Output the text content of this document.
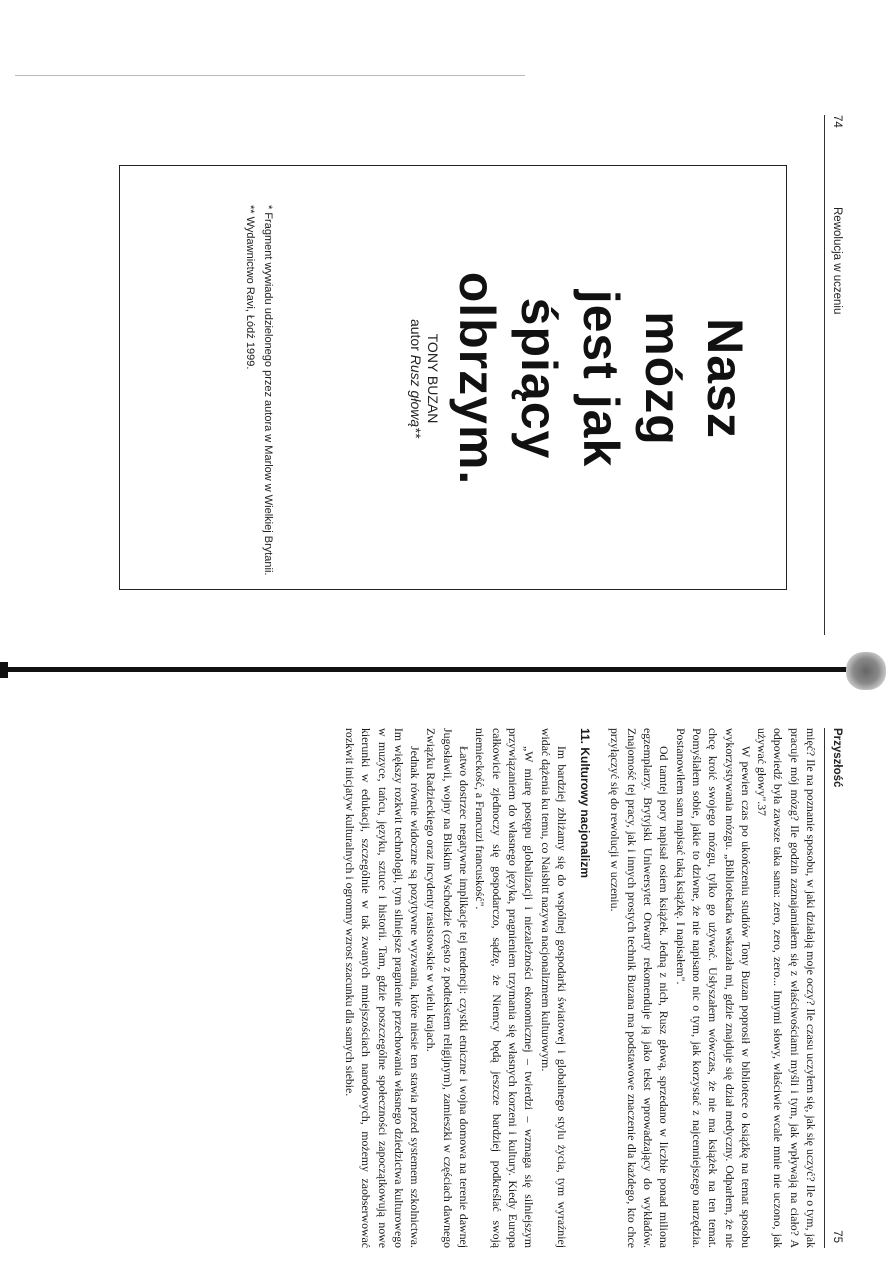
74
Rewolucja w uczeniu
Nasz
mózg
jest jak
śpiący
olbrzym.
TONY BUZAN
autor Rusz głową**
* Fragment wywiadu udzielonego przez autora w Marlow w Wielkiej Brytanii.
** Wydawnictwo Ravi, Łódź 1999.
Przyszłość
75

mięć? Ile na poznanie sposobu, w jaki działają moje oczy? Ile czasu uczyłem się, jak się uczyć? Ile o tym, jak pracuje mój mózg? Ile godzin zaznajamiałem się z właściwościami myśli i tym, jak wpływają na ciało? A odpowiedź była zawsze taka sama: zero, zero, zero... Innymi słowy, właściwie wcale mnie nie uczono, jak używać głowy".37

W pewien czas po ukończeniu studiów Tony Buzan poprosił w bibliotece o książkę na temat sposobu wykorzystywania mózgu. „Bibliotekarka wskazała mi, gdzie znajduje się dział medyczny. Odparłem, że nie chcę kroić swojego mózgu, tylko go używać. Usłyszałem wówczas, że nie ma książek na ten temat. Pomyślałem sobie, jakie to dziwne, że nie napisano nic o tym, jak korzystać z najcenniejszego narzędzia. Postanowiłem sam napisać taką książkę. I napisałem".

Od tamtej pory napisał osiem książek. Jedną z nich, Rusz głową, sprzedano w liczbie ponad miliona egzemplarzy. Brytyjski Uniwersytet Otwarty rekomenduje ją jako tekst wprowadzający do wykładów. Znajomość tej pracy, jak i innych prostych technik Buzana ma podstawowe znaczenie dla każdego, kto chce przyłączyć się do rewolucji w uczeniu.

11. Kulturowy nacjonalizm

Im bardziej zbliżamy się do wspólnej gospodarki światowej i globalnego stylu życia, tym wyraźniej widać dążenia ku temu, co Naisbitt nazywa nacjonalizmem kulturowym.

„W miarę postępu globalizacji i niezależności ekonomicznej – twierdzi – wzmaga się silniejszym przywiązaniem do własnego języka, pragnieniem trzymania się własnych korzeni i kultury. Kiedy Europa całkowicie zjednoczy się gospodarczo, sądzę, że Niemcy będą jeszcze bardziej podkreślać swoją niemieckość, a Francuzi francuskość".

Łatwo dostrzec negatywne implikacje tej tendencji: czystki etniczne i wojna domowa na terenie dawnej Jugosławii, wojny na Bliskim Wschodzie (często z podtekstem religijnym), zamieszki w częściach dawnego Związku Radzieckiego oraz incydenty rasistowskie w wielu krajach.

Jednak równie widoczne są pozytywne wyzwania, które niesie ten stawia przed systemem szkolnictwa. Im większy rozkwit technologii, tym silniejsze pragnienie przechowania własnego dziedzictwa kulturowego w muzyce, tańcu, języku, sztuce i historii. Tam, gdzie poszczególne społeczności zapoczątkowują nowe kierunki w edukacji, szczególnie w tak zwanych mniejszościach narodowych, możemy zaobserwować rozkwit inicjatyw kulturalnych i ogromny wzrost szacunku dla samych siebie.
